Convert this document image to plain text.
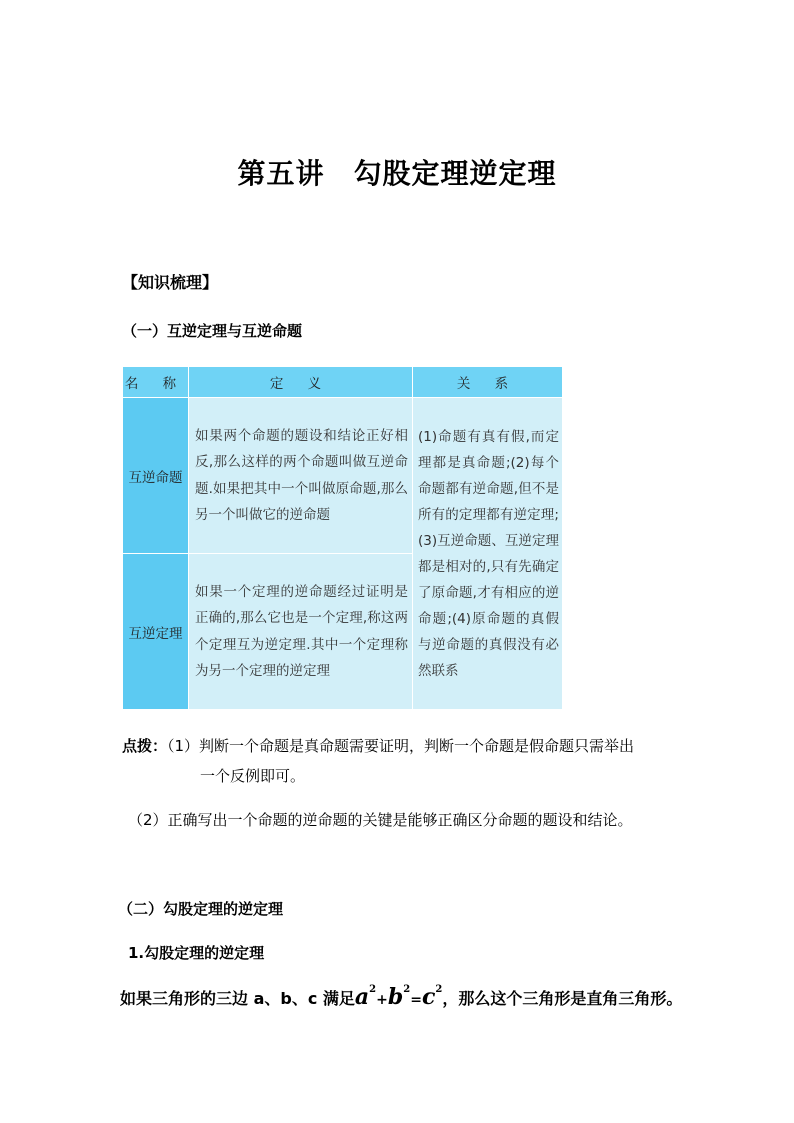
第五讲　勾股定理逆定理
【知识梳理】
（一）互逆定理与互逆命题
名 称	定 义	关 系
互逆命题	如果两个命题的题设和结论正好相反,那么这样的两个命题叫做互逆命题.如果把其中一个叫做原命题,那么另一个叫做它的逆命题	(1)命题有真有假,而定理都是真命题;(2)每个命题都有逆命题,但不是所有的定理都有逆定理;(3)互逆命题、互逆定理都是相对的,只有先确定了原命题,才有相应的逆命题;(4)原命题的真假与逆命题的真假没有必然联系

互逆定理	如果一个定理的逆命题经过证明是正确的,那么它也是一个定理,称这两个定理互为逆定理.其中一个定理称为另一个定理的逆定理	
点拨：（1）判断一个命题是真命题需要证明，判断一个命题是假命题只需举出
一个反例即可。
（2）正确写出一个命题的逆命题的关键是能够正确区分命题的题设和结论。
（二）勾股定理的逆定理
1.勾股定理的逆定理
如果三角形的三边 a、b、c 满足$a^2+b^2=c^2$，那么这个三角形是直角三角形。
